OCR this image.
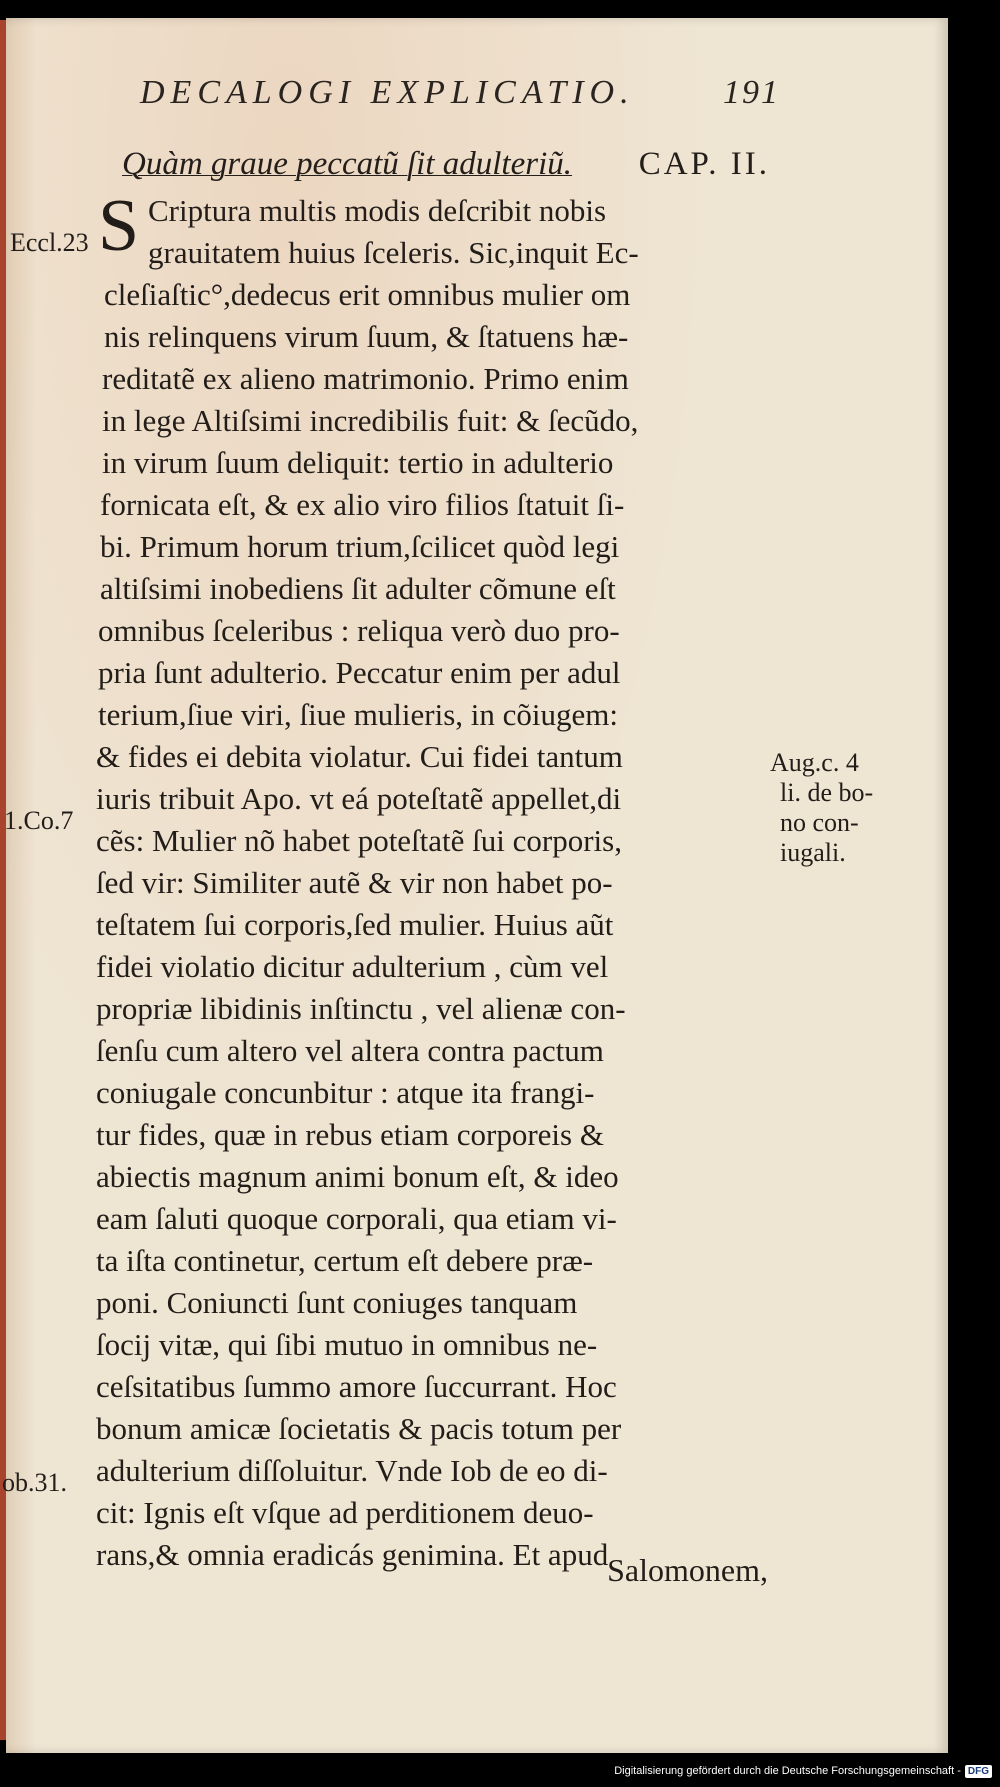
DECALOGI EXPLICATIO.	191
Quàm graue peccatũ ſit adulteriũ. CAP. II.
S Criptura multis modis deſcribit nobis
grauitatem huius ſceleris. Sic,inquit Ec-
cleſiaſtic°,dedecus erit omnibus mulier om
nis relinquens virum ſuum, & ſtatuens hæ-
reditatẽ ex alieno matrimonio. Primo enim
in lege Altiſsimi incredibilis fuit: & ſecũdo,
in virum ſuum deliquit: tertio in adulterio
fornicata eſt, & ex alio viro filios ſtatuit ſi-
bi. Primum horum trium,ſcilicet quòd legi
altiſsimi inobediens ſit adulter cõmune eſt
omnibus ſceleribus : reliqua verò duo pro-
pria ſunt adulterio. Peccatur enim per adul
terium,ſiue viri, ſiue mulieris, in cõiugem:
& fides ei debita violatur. Cui fidei tantum
iuris tribuit Apo. vt eá poteſtatẽ appellet,di
cẽs: Mulier nõ habet poteſtatẽ ſui corporis,
ſed vir: Similiter autẽ & vir non habet po-
teſtatem ſui corporis,ſed mulier. Huius aũt
fidei violatio dicitur adulterium , cùm vel
propriæ libidinis inſtinctu , vel alienæ con-
ſenſu cum altero vel altera contra pactum
coniugale concunbitur : atque ita frangi-
tur fides, quæ in rebus etiam corporeis &
abiectis magnum animi bonum eſt, & ideo
eam ſaluti quoque corporali, qua etiam vi-
ta iſta continetur, certum eſt debere præ-
poni. Coniuncti ſunt coniuges tanquam
ſocij vitæ, qui ſibi mutuo in omnibus ne-
ceſsitatibus ſummo amore ſuccurrant. Hoc
bonum amicæ ſocietatis & pacis totum per
adulterium diſſoluitur. Vnde Iob de eo di-
cit: Ignis eſt vſque ad perditionem deuo-
rans,& omnia eradicás genimina. Et apud
Eccl.23
1.Co.7
Aug.c. 4
li. de bo-
no con-
iugali.
ob.31.
Salomonem,
Digitalisierung gefördert durch die Deutsche Forschungsgemeinschaft - DFG
